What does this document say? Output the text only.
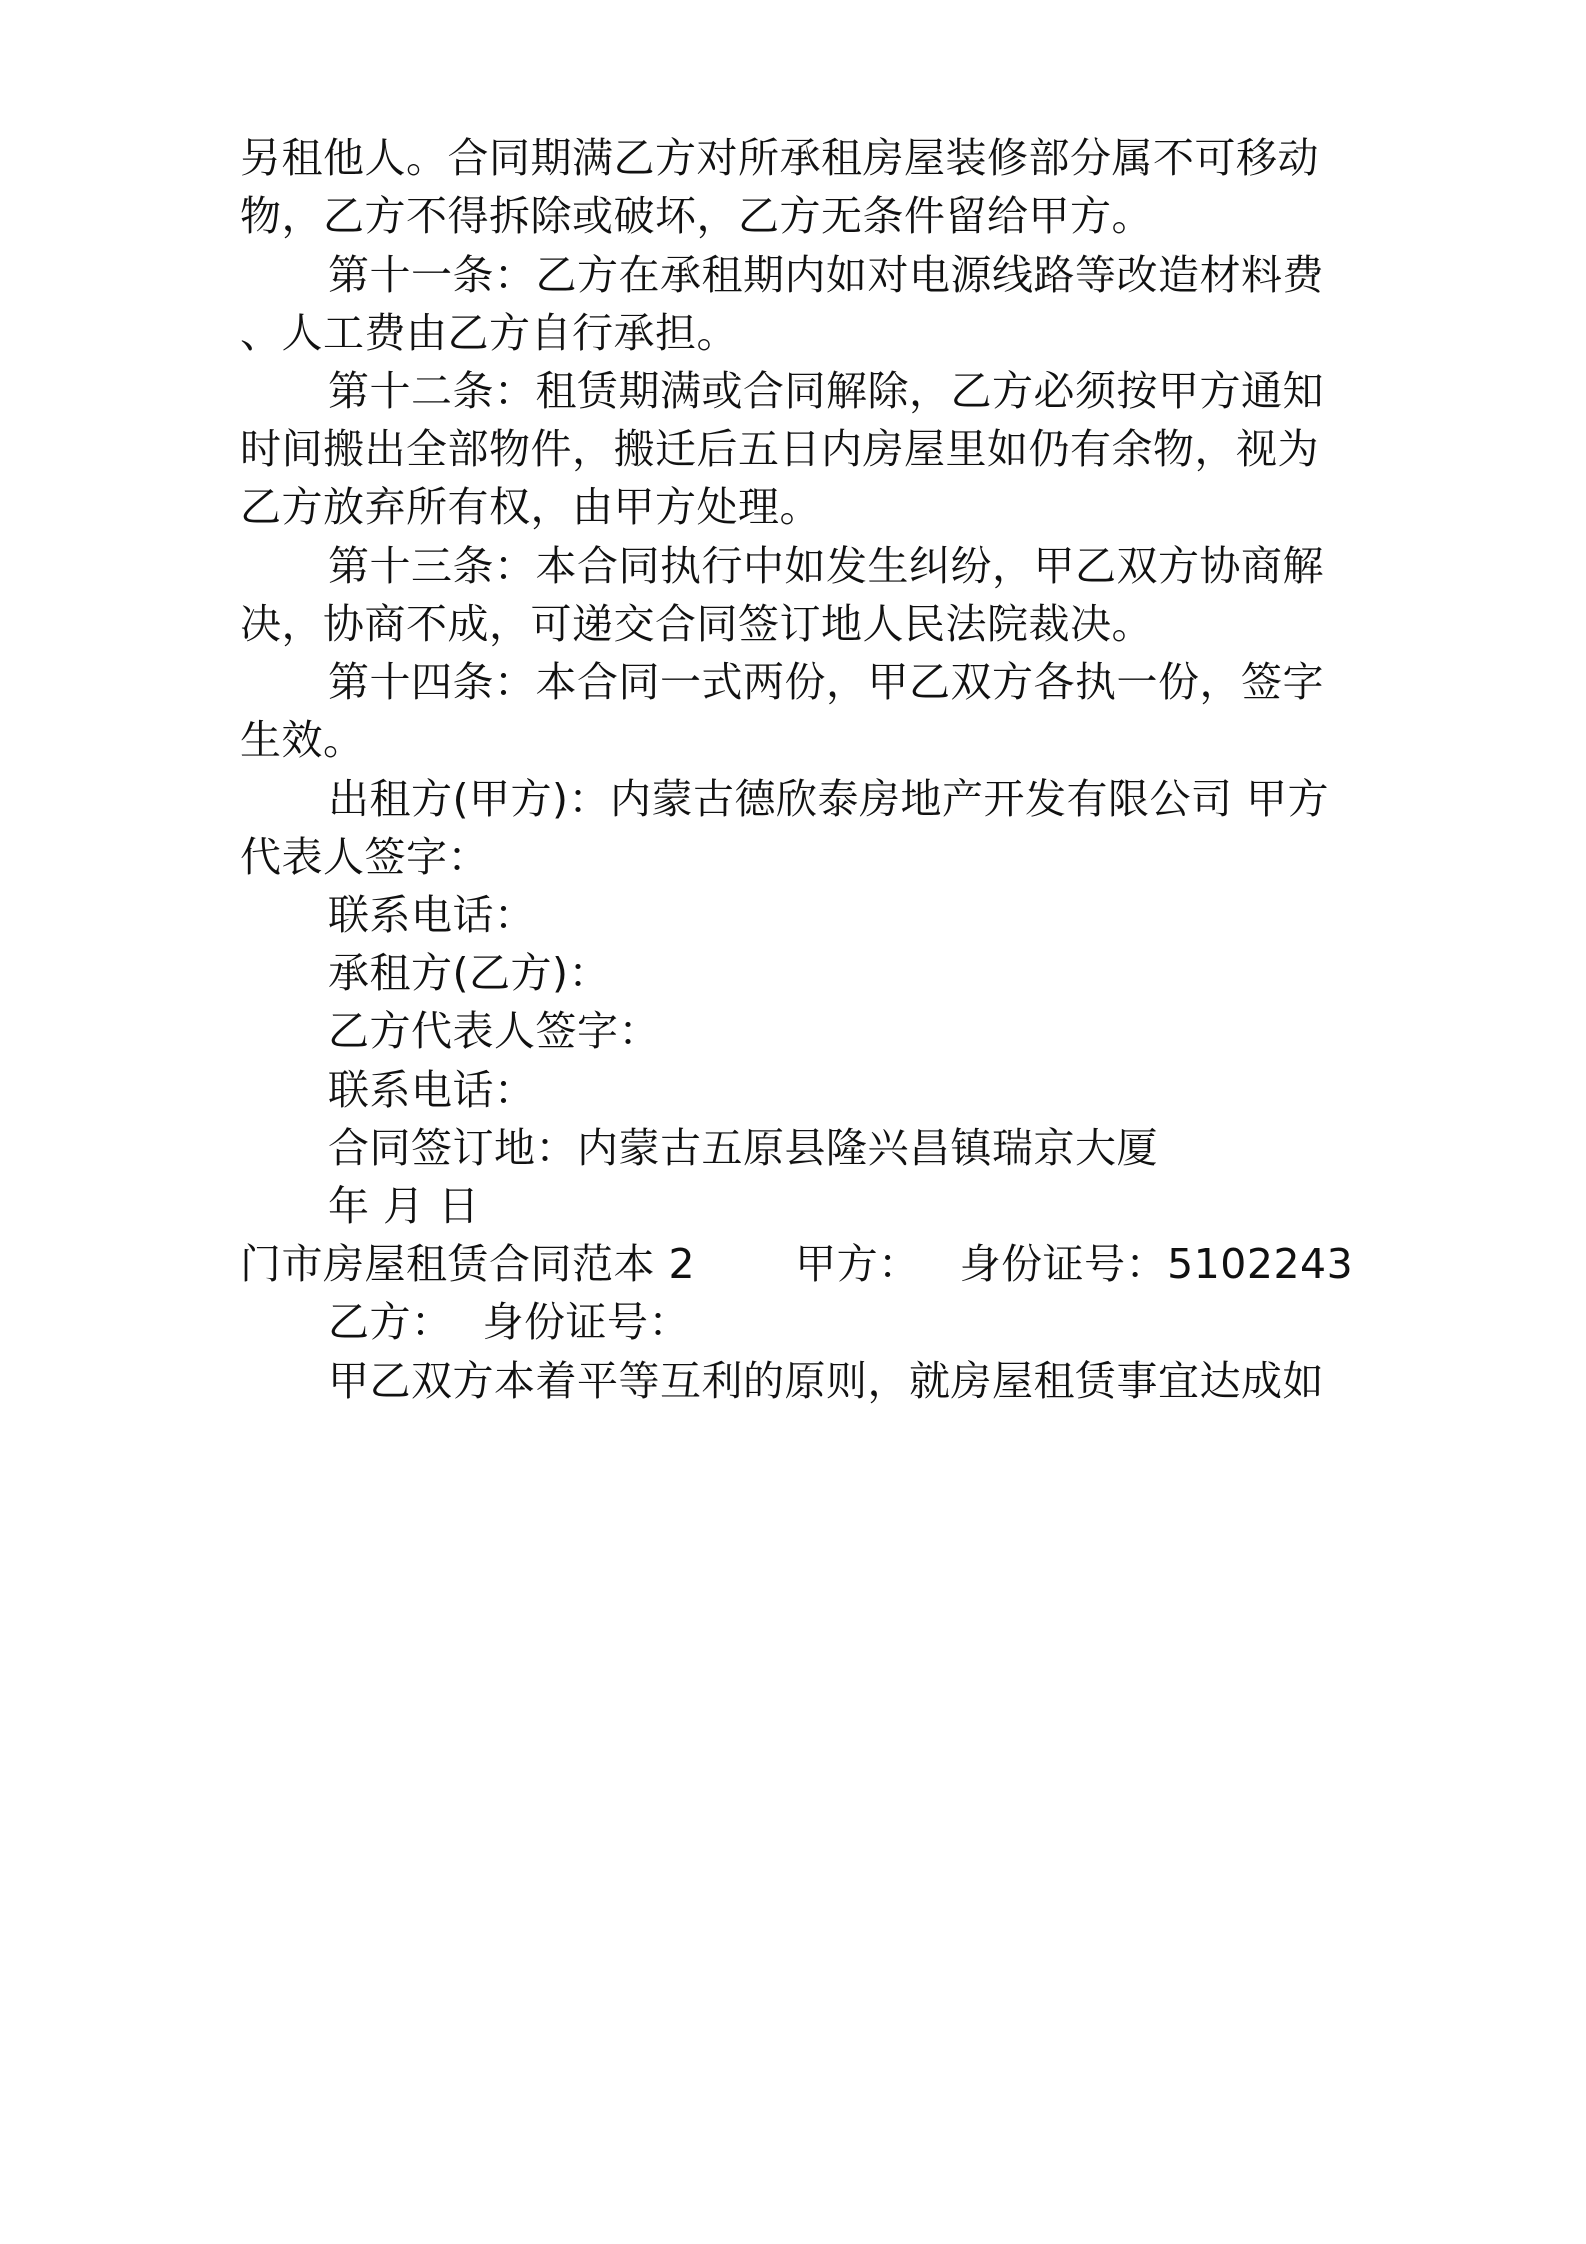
另租他人。合同期满乙方对所承租房屋装修部分属不可移动
物，乙方不得拆除或破坏，乙方无条件留给甲方。
第十一条：乙方在承租期内如对电源线路等改造材料费
、人工费由乙方自行承担。
第十二条：租赁期满或合同解除，乙方必须按甲方通知
时间搬出全部物件，搬迁后五日内房屋里如仍有余物，视为
乙方放弃所有权，由甲方处理。
第十三条：本合同执行中如发生纠纷，甲乙双方协商解
决，协商不成，可递交合同签订地人民法院裁决。
第十四条：本合同一式两份，甲乙双方各执一份，签字
生效。
出租方(甲方)：内蒙古德欣泰房地产开发有限公司 甲方
代表人签字：
联系电话：
承租方(乙方)：
乙方代表人签字：
联系电话：
合同签订地：内蒙古五原县隆兴昌镇瑞京大厦
年 月 日
门市房屋租赁合同范本 2 甲方： 身份证号：5102243
乙方： 身份证号：
甲乙双方本着平等互利的原则，就房屋租赁事宜达成如
